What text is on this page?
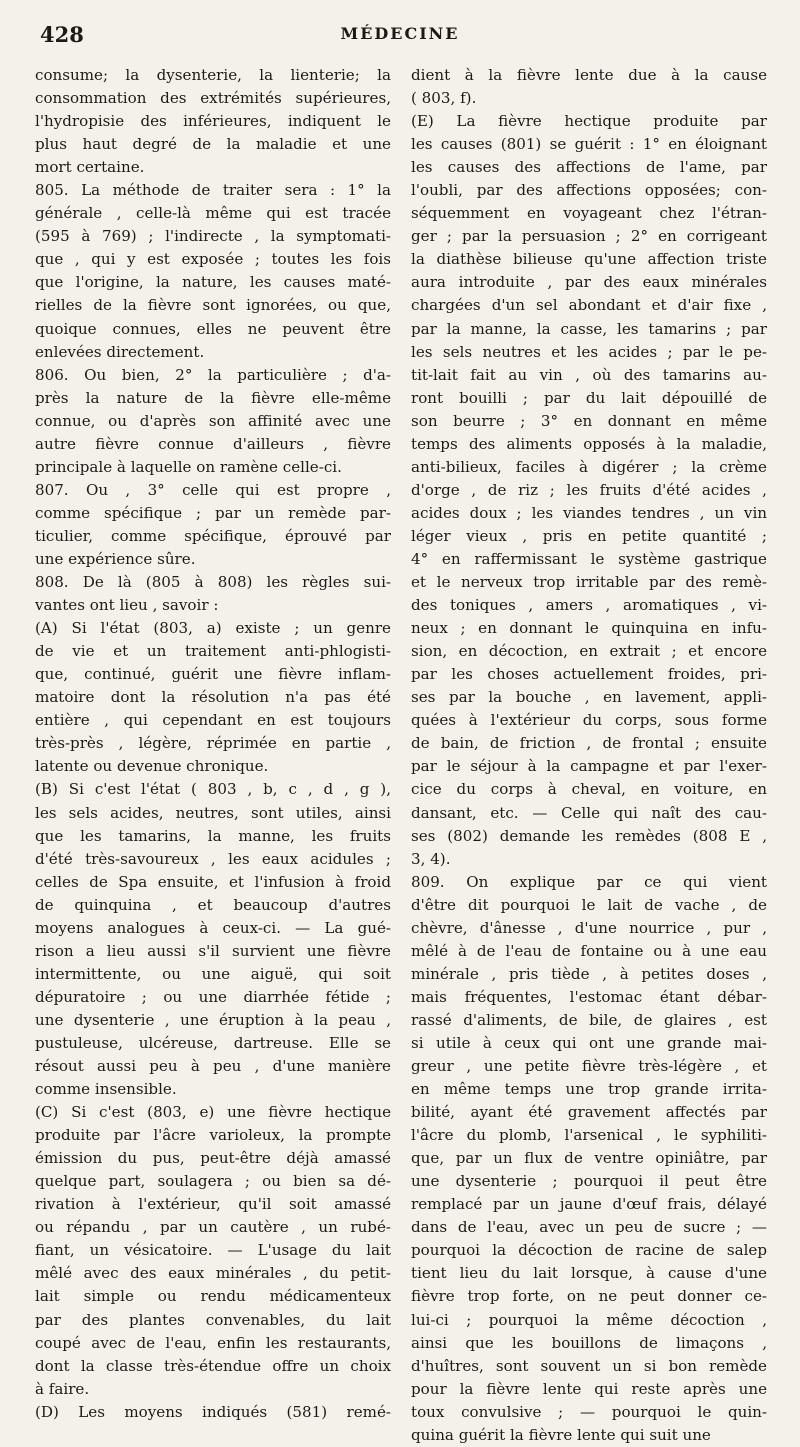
428	MÉDECINE

consume; la dysenterie, la lienterie; la

consommation des extrémités supérieures,

l'hydropisie des inférieures, indiquent le

plus haut degré de la maladie et une

mort certaine.

805. La méthode de traiter sera : 1° la

générale , celle-là même qui est tracée

(595 à 769) ; l'indirecte , la symptomati-

que , qui y est exposée ; toutes les fois

que l'origine, la nature, les causes maté-

rielles de la fièvre sont ignorées, ou que,

quoique connues, elles ne peuvent être

enlevées directement.

806. Ou bien, 2° la particulière ; d'a-

près la nature de la fièvre elle-même

connue, ou d'après son affinité avec une

autre fièvre connue d'ailleurs , fièvre

principale à laquelle on ramène celle-ci.

807. Ou , 3° celle qui est propre ,

comme spécifique ; par un remède par-

ticulier, comme spécifique, éprouvé par

une expérience sûre.

808. De là (805 à 808) les règles sui-

vantes ont lieu , savoir :

(A) Si l'état (803, a) existe ; un genre

de vie et un traitement anti-phlogisti-

que, continué, guérit une fièvre inflam-

matoire dont la résolution n'a pas été

entière , qui cependant en est toujours

très-près , légère, réprimée en partie ,

latente ou devenue chronique.

(B) Si c'est l'état ( 803 , b, c , d , g ),

les sels acides, neutres, sont utiles, ainsi

que les tamarins, la manne, les fruits

d'été très-savoureux , les eaux acidules ;

celles de Spa ensuite, et l'infusion à froid

de quinquina , et beaucoup d'autres

moyens analogues à ceux-ci. — La gué-

rison a lieu aussi s'il survient une fièvre

intermittente, ou une aiguë, qui soit

dépuratoire ; ou une diarrhée fétide ;

une dysenterie , une éruption à la peau ,

pustuleuse, ulcéreuse, dartreuse. Elle se

résout aussi peu à peu , d'une manière

comme insensible.

(C) Si c'est (803, e) une fièvre hectique

produite par l'âcre varioleux, la prompte

émission du pus, peut-être déjà amassé

quelque part, soulagera ; ou bien sa dé-

rivation à l'extérieur, qu'il soit amassé

ou répandu , par un cautère , un rubé-

fiant, un vésicatoire. — L'usage du lait

mêlé avec des eaux minérales , du petit-

lait simple ou rendu médicamenteux

par des plantes convenables, du lait

coupé avec de l'eau, enfin les restaurants,

dont la classe très-étendue offre un choix

à faire.

(D) Les moyens indiqués (581) remé-

dient à la fièvre lente due à la cause

( 803, f).

(E) La fièvre hectique produite par

les causes (801) se guérit : 1° en éloignant

les causes des affections de l'ame, par

l'oubli, par des affections opposées; con-

séquemment en voyageant chez l'étran-

ger ; par la persuasion ; 2° en corrigeant

la diathèse bilieuse qu'une affection triste

aura introduite , par des eaux minérales

chargées d'un sel abondant et d'air fixe ,

par la manne, la casse, les tamarins ; par

les sels neutres et les acides ; par le pe-

tit-lait fait au vin , où des tamarins au-

ront bouilli ; par du lait dépouillé de

son beurre ; 3° en donnant en même

temps des aliments opposés à la maladie,

anti-bilieux, faciles à digérer ; la crème

d'orge , de riz ; les fruits d'été acides ,

acides doux ; les viandes tendres , un vin

léger vieux , pris en petite quantité ;

4° en raffermissant le système gastrique

et le nerveux trop irritable par des remè-

des toniques , amers , aromatiques , vi-

neux ; en donnant le quinquina en infu-

sion, en décoction, en extrait ; et encore

par les choses actuellement froides, pri-

ses par la bouche , en lavement, appli-

quées à l'extérieur du corps, sous forme

de bain, de friction , de frontal ; ensuite

par le séjour à la campagne et par l'exer-

cice du corps à cheval, en voiture, en

dansant, etc. — Celle qui naît des cau-

ses (802) demande les remèdes (808 E ,

3, 4).

809. On explique par ce qui vient

d'être dit pourquoi le lait de vache , de

chèvre, d'ânesse , d'une nourrice , pur ,

mêlé à de l'eau de fontaine ou à une eau

minérale , pris tiède , à petites doses ,

mais fréquentes, l'estomac étant débar-

rassé d'aliments, de bile, de glaires , est

si utile à ceux qui ont une grande mai-

greur , une petite fièvre très-légère , et

en même temps une trop grande irrita-

bilité, ayant été gravement affectés par

l'âcre du plomb, l'arsenical , le syphiliti-

que, par un flux de ventre opiniâtre, par

une dysenterie ; pourquoi il peut être

remplacé par un jaune d'œuf frais, délayé

dans de l'eau, avec un peu de sucre ; —

pourquoi la décoction de racine de salep

tient lieu du lait lorsque, à cause d'une

fièvre trop forte, on ne peut donner ce-

lui-ci ; pourquoi la même décoction ,

ainsi que les bouillons de limaçons ,

d'huîtres, sont souvent un si bon remède

pour la fièvre lente qui reste après une

toux convulsive ; — pourquoi le quin-

quina guérit la fièvre lente qui suit une
